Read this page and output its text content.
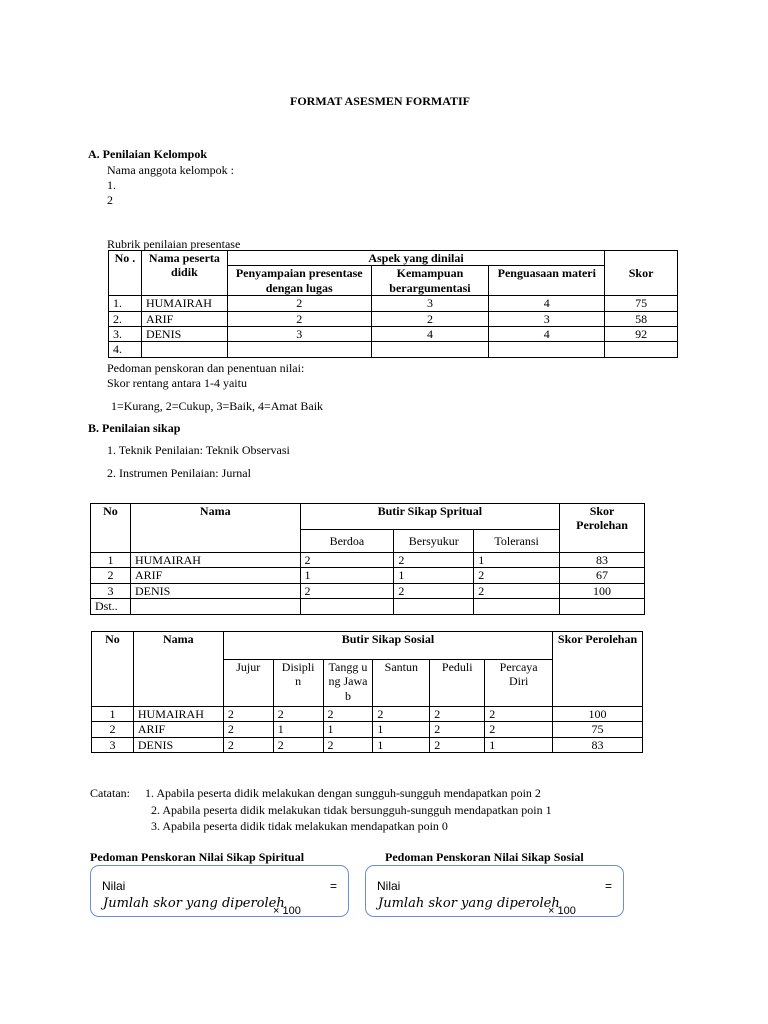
FORMAT ASESMEN FORMATIF
A. Penilaian Kelompok
Nama anggota kelompok :
1.
2
Rubrik penilaian presentase
No .	Nama peserta didik	Aspek yang dinilai			Skor
		Penyampaian presentase dengan lugas	Kemampuan berargumentasi	Penguasaan materi	
1.	HUMAIRAH	2	3	4	75
2.	ARIF	2	2	3	58
3.	DENIS	3	4	4	92
4.					
Pedoman penskoran dan penentuan nilai:
Skor rentang antara 1-4 yaitu
1=Kurang, 2=Cukup, 3=Baik, 4=Amat Baik
B. Penilaian sikap
1. Teknik Penilaian: Teknik Observasi
2. Instrumen Penilaian: Jurnal
No	Nama	Butir Sikap Spritual			Skor Perolehan
		Berdoa	Bersyukur	Toleransi	
1	HUMAIRAH	2	2	1	83
2	ARIF	1	1	2	67
3	DENIS	2	2	2	100
Dst..					
No	Nama	Butir Sikap Sosial						Skor Perolehan
		Jujur	Disipli n	Tangg ung Jawab	Santun	Peduli	Percaya Diri	
1	HUMAIRAH	2	2	2	2	2	2	100
2	ARIF	2	1	1	1	2	2	75
3	DENIS	2	2	2	1	2	1	83
Catatan: 1. Apabila peserta didik melakukan dengan sungguh-sungguh mendapatkan poin 2
2. Apabila peserta didik melakukan tidak bersungguh-sungguh mendapatkan poin 1
3. Apabila peserta didik tidak melakukan mendapatkan poin 0
Pedoman Penskoran Nilai Sikap Spiritual	Pedoman Penskoran Nilai Sikap Sosial
Nilai	=
Jumlah skor yang diperoleh
× 100
Nilai	=
Jumlah skor yang diperoleh
× 100
